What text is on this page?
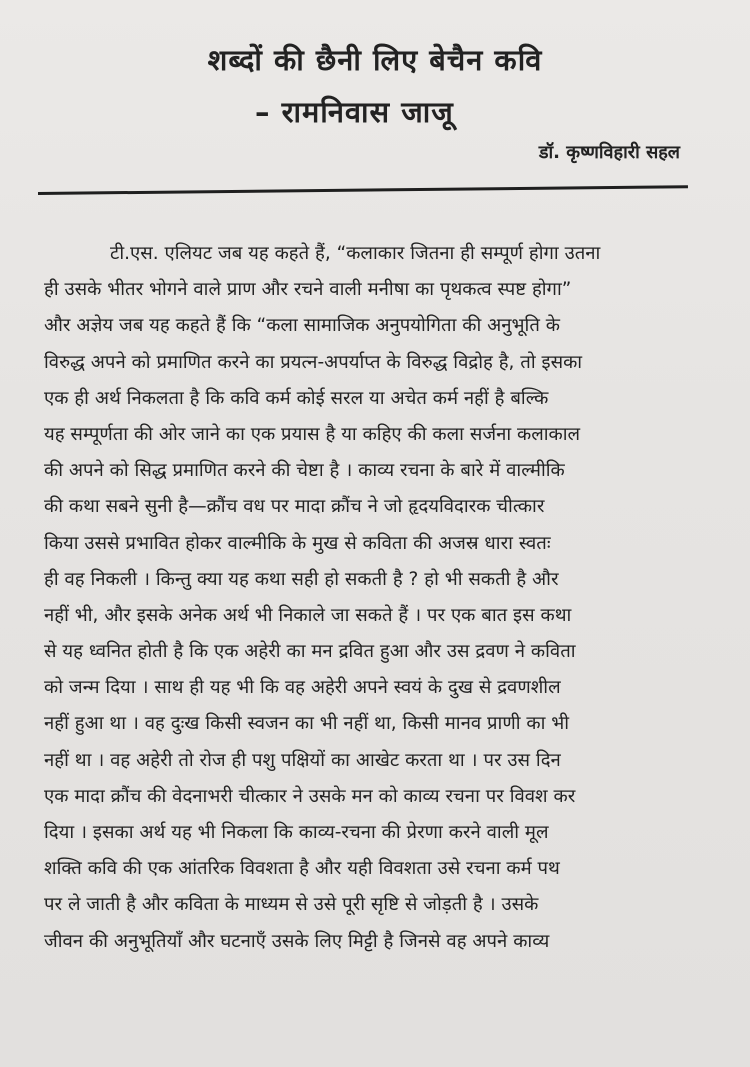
शब्दों की छैनी लिए बेचैन कवि
– रामनिवास जाजू
डॉ. कृष्णविहारी सहल
टी.एस. एलियट जब यह कहते हैं, “कलाकार जितना ही सम्पूर्ण होगा उतना
ही उसके भीतर भोगने वाले प्राण और रचने वाली मनीषा का पृथकत्व स्पष्ट होगा”
और अज्ञेय जब यह कहते हैं कि “कला सामाजिक अनुपयोगिता की अनुभूति के
विरुद्ध अपने को प्रमाणित करने का प्रयत्न-अपर्याप्त के विरुद्ध विद्रोह है, तो इसका
एक ही अर्थ निकलता है कि कवि कर्म कोई सरल या अचेत कर्म नहीं है बल्कि
यह सम्पूर्णता की ओर जाने का एक प्रयास है या कहिए की कला सर्जना कलाकाल
की अपने को सिद्ध प्रमाणित करने की चेष्टा है । काव्य रचना के बारे में वाल्मीकि
की कथा सबने सुनी है—क्रौंच वध पर मादा क्रौंच ने जो हृदयविदारक चीत्कार
किया उससे प्रभावित होकर वाल्मीकि के मुख से कविता की अजस्र धारा स्वतः
ही वह निकली । किन्तु क्या यह कथा सही हो सकती है ? हो भी सकती है और
नहीं भी, और इसके अनेक अर्थ भी निकाले जा सकते हैं । पर एक बात इस कथा
से यह ध्वनित होती है कि एक अहेरी का मन द्रवित हुआ और उस द्रवण ने कविता
को जन्म दिया । साथ ही यह भी कि वह अहेरी अपने स्वयं के दुख से द्रवणशील
नहीं हुआ था । वह दुःख किसी स्वजन का भी नहीं था, किसी मानव प्राणी का भी
नहीं था । वह अहेरी तो रोज ही पशु पक्षियों का आखेट करता था । पर उस दिन
एक मादा क्रौंच की वेदनाभरी चीत्कार ने उसके मन को काव्य रचना पर विवश कर
दिया । इसका अर्थ यह भी निकला कि काव्य-रचना की प्रेरणा करने वाली मूल
शक्ति कवि की एक आंतरिक विवशता है और यही विवशता उसे रचना कर्म पथ
पर ले जाती है और कविता के माध्यम से उसे पूरी सृष्टि से जोड़ती है । उसके
जीवन की अनुभूतियाँ और घटनाएँ उसके लिए मिट्टी है जिनसे वह अपने काव्य
